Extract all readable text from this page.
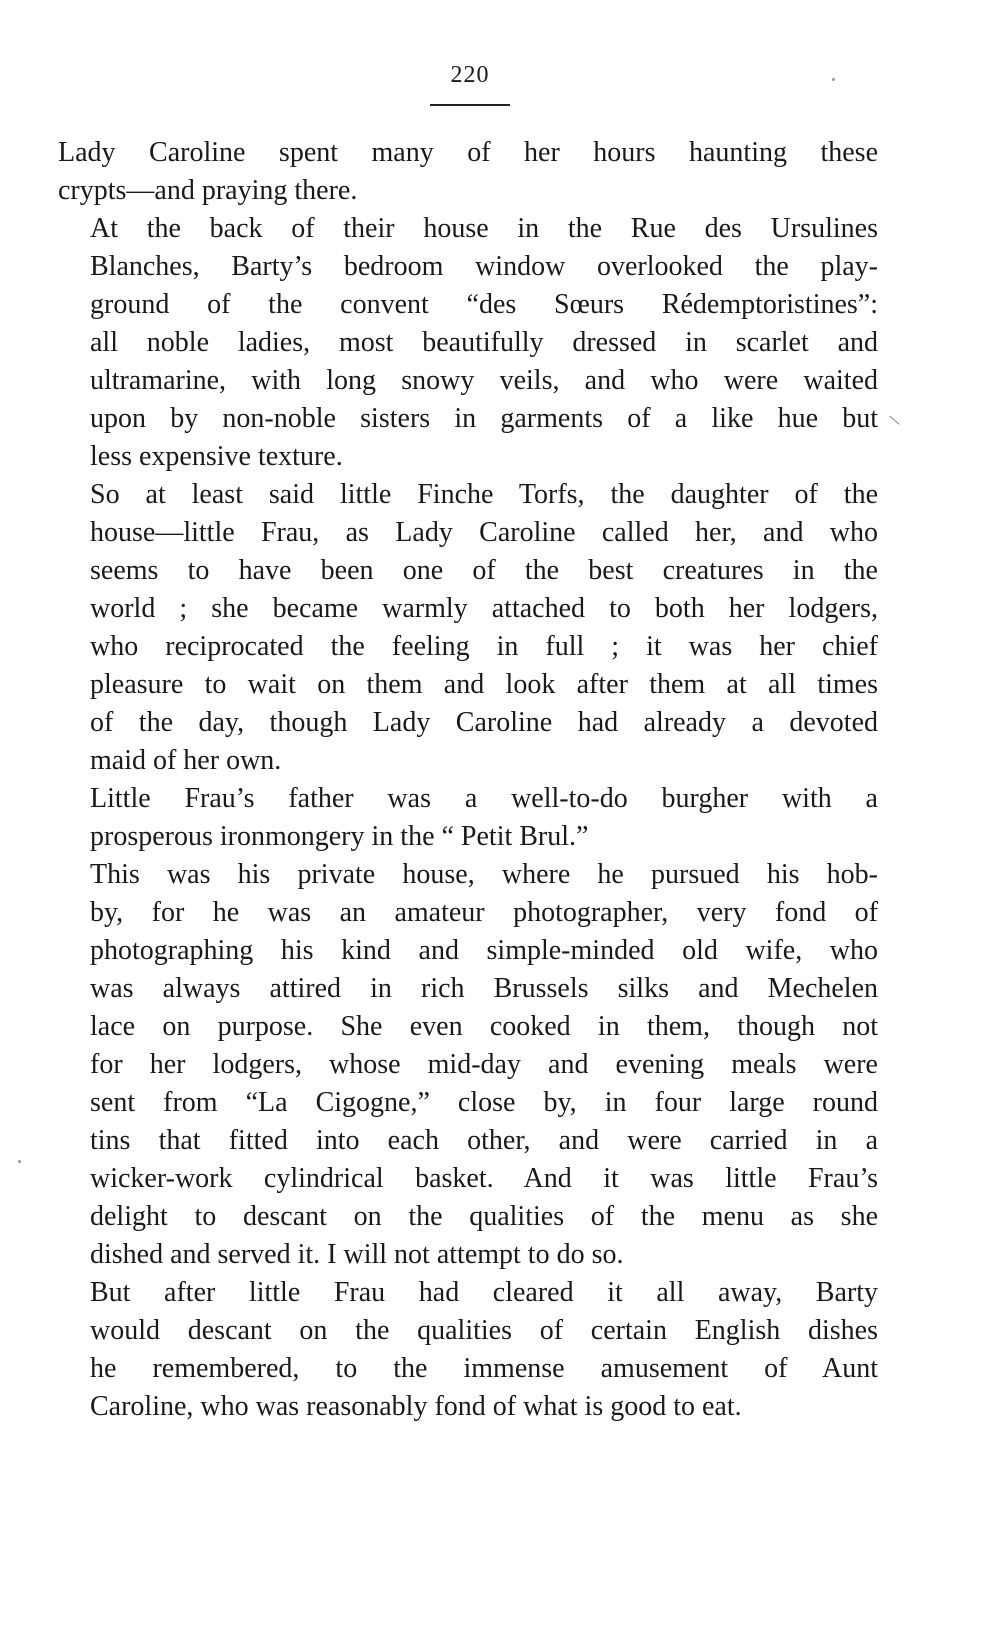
220

Lady Caroline spent many of her hours haunting these
crypts—and praying there.

At the back of their house in the Rue des Ursulines
Blanches, Barty’s bedroom window overlooked the play-
ground of the convent “des Sœurs Rédemptoristines”:
all noble ladies, most beautifully dressed in scarlet and
ultramarine, with long snowy veils, and who were waited
upon by non-noble sisters in garments of a like hue but
less expensive texture.

So at least said little Finche Torfs, the daughter of the
house—little Frau, as Lady Caroline called her, and who
seems to have been one of the best creatures in the
world ; she became warmly attached to both her lodgers,
who reciprocated the feeling in full ; it was her chief
pleasure to wait on them and look after them at all times
of the day, though Lady Caroline had already a devoted
maid of her own.

Little Frau’s father was a well-to-do burgher with a
prosperous ironmongery in the “ Petit Brul.”

This was his private house, where he pursued his hob-
by, for he was an amateur photographer, very fond of
photographing his kind and simple-minded old wife, who
was always attired in rich Brussels silks and Mechelen
lace on purpose. She even cooked in them, though not
for her lodgers, whose mid-day and evening meals were
sent from “La Cigogne,” close by, in four large round
tins that fitted into each other, and were carried in a
wicker-work cylindrical basket. And it was little Frau’s
delight to descant on the qualities of the menu as she
dished and served it. I will not attempt to do so.

But after little Frau had cleared it all away, Barty
would descant on the qualities of certain English dishes
he remembered, to the immense amusement of Aunt
Caroline, who was reasonably fond of what is good to eat.

\
